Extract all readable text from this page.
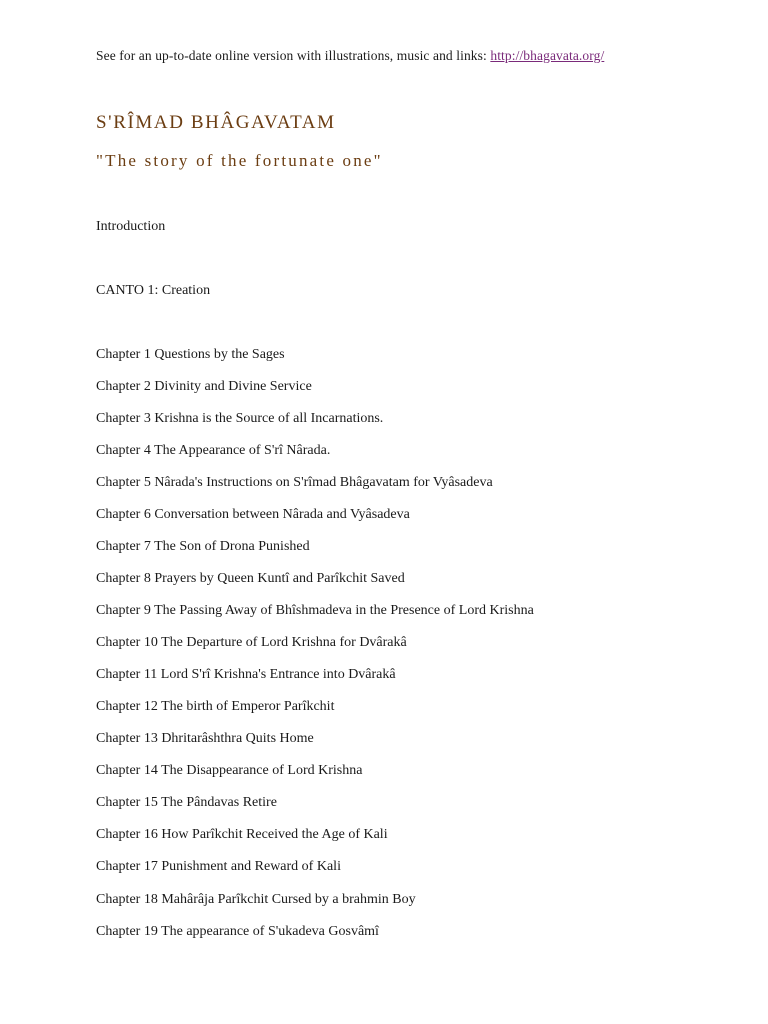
See for an up-to-date online version with illustrations, music and links: http://bhagavata.org/
S'RÎMAD BHÂGAVATAM
"The story of the fortunate one"
Introduction
CANTO 1: Creation
Chapter 1 Questions by the Sages
Chapter 2 Divinity and Divine Service
Chapter 3 Krishna is the Source of all Incarnations.
Chapter 4 The Appearance of S'rî Nârada.
Chapter 5 Nârada's Instructions on S'rîmad Bhâgavatam for Vyâsadeva
Chapter 6 Conversation between Nârada and Vyâsadeva
Chapter 7 The Son of Drona Punished
Chapter 8 Prayers by Queen Kuntî and Parîkchit Saved
Chapter 9 The Passing Away of Bhîshmadeva in the Presence of Lord Krishna
Chapter 10 The Departure of Lord Krishna for Dvârakâ
Chapter 11 Lord S'rî Krishna's Entrance into Dvârakâ
Chapter 12 The birth of Emperor Parîkchit
Chapter 13 Dhritarâshthra Quits Home
Chapter 14 The Disappearance of Lord Krishna
Chapter 15 The Pândavas Retire
Chapter 16 How Parîkchit Received the Age of Kali
Chapter 17 Punishment and Reward of Kali
Chapter 18 Mahârâja Parîkchit Cursed by a brahmin Boy
Chapter 19 The appearance of S'ukadeva Gosvâmî
